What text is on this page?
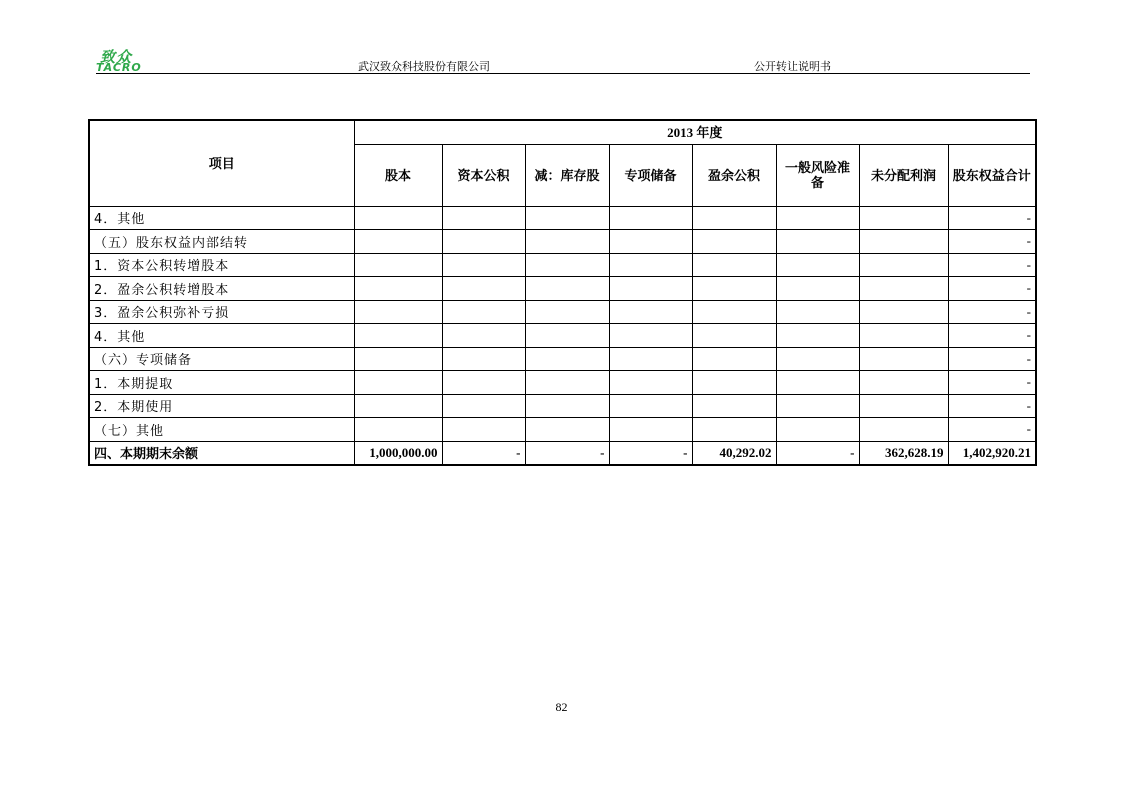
致众
TACRO	武汉致众科技股份有限公司	公开转让说明书
项目	2013 年度							
	股本	资本公积	减：库存股	专项储备	盈余公积	一般风险准备	未分配利润	股东权益合计
4．其他								-
（五）股东权益内部结转								-
1．资本公积转增股本								-
2．盈余公积转增股本								-
3．盈余公积弥补亏损								-
4．其他								-
（六）专项储备								-
1．本期提取								-
2．本期使用								-
（七）其他								-
四、本期期末余额	1,000,000.00	-	-	-	40,292.02	-	362,628.19	1,402,920.21
82
